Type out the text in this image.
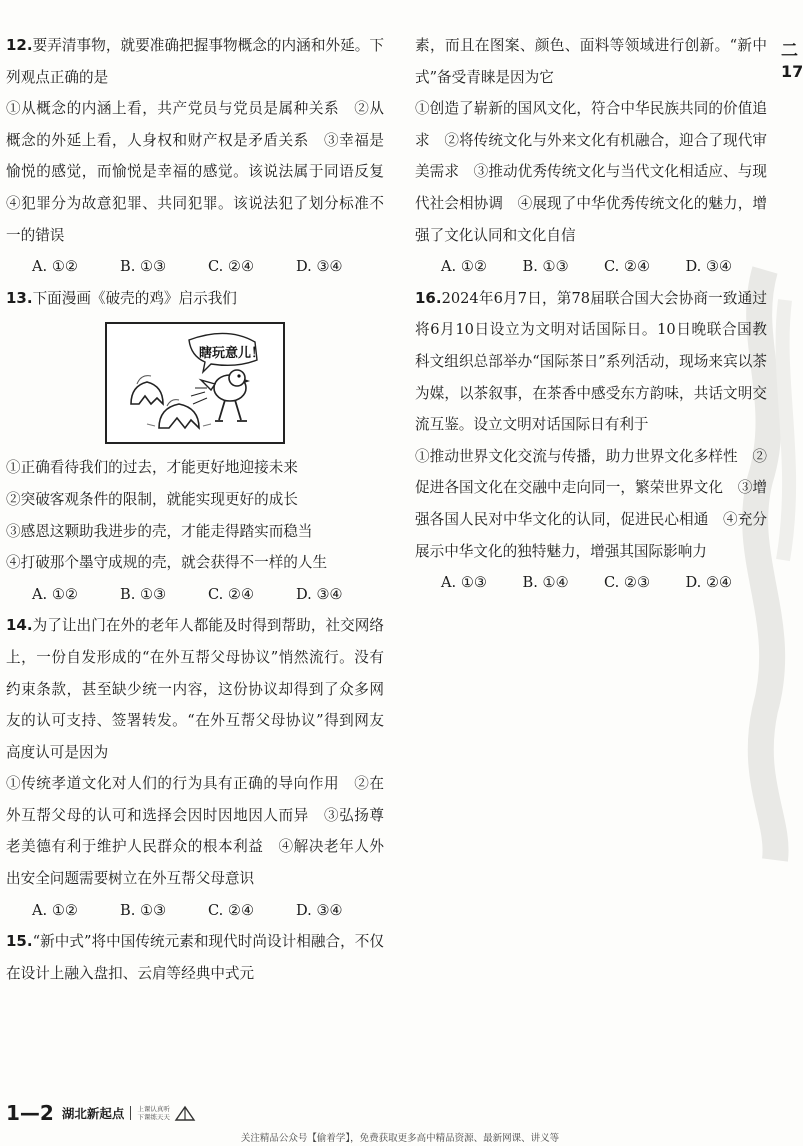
二
17

12.要弄清事物，就要准确把握事物概念的内涵和外延。下列观点正确的是

①从概念的内涵上看，共产党员与党员是属种关系　②从概念的外延上看，人身权和财产权是矛盾关系　③幸福是愉悦的感觉，而愉悦是幸福的感觉。该说法属于同语反复　④犯罪分为故意犯罪、共同犯罪。该说法犯了划分标准不一的错误

A. ①②	B. ①③	C. ②④	D. ③④

13.下面漫画《破壳的鸡》启示我们

瞎玩意儿！

①正确看待我们的过去，才能更好地迎接未来

②突破客观条件的限制，就能实现更好的成长

③感恩这颗助我进步的壳，才能走得踏实而稳当

④打破那个墨守成规的壳，就会获得不一样的人生

A. ①②	B. ①③	C. ②④	D. ③④

14.为了让出门在外的老年人都能及时得到帮助，社交网络上，一份自发形成的“在外互帮父母协议”悄然流行。没有约束条款，甚至缺少统一内容，这份协议却得到了众多网友的认可支持、签署转发。“在外互帮父母协议”得到网友高度认可是因为

①传统孝道文化对人们的行为具有正确的导向作用　②在外互帮父母的认可和选择会因时因地因人而异　③弘扬尊老美德有利于维护人民群众的根本利益　④解决老年人外出安全问题需要树立在外互帮父母意识

A. ①②	B. ①③	C. ②④	D. ③④

15.“新中式”将中国传统元素和现代时尚设计相融合，不仅在设计上融入盘扣、云肩等经典中式元

素，而且在图案、颜色、面料等领域进行创新。“新中式”备受青睐是因为它

①创造了崭新的国风文化，符合中华民族共同的价值追求　②将传统文化与外来文化有机融合，迎合了现代审美需求　③推动优秀传统文化与当代文化相适应、与现代社会相协调　④展现了中华优秀传统文化的魅力，增强了文化认同和文化自信

A. ①②	B. ①③	C. ②④	D. ③④

16.2024年6月7日，第78届联合国大会协商一致通过将6月10日设立为文明对话国际日。10日晚联合国教科文组织总部举办“国际茶日”系列活动，现场来宾以茶为媒，以茶叙事，在茶香中感受东方韵味，共话文明交流互鉴。设立文明对话国际日有利于

①推动世界文化交流与传播，助力世界文化多样性　②促进各国文化在交融中走向同一，繁荣世界文化　③增强各国人民对中华文化的认同，促进民心相通　④充分展示中华文化的独特魅力，增强其国际影响力

A. ①③	B. ①④	C. ②③	D. ②④
1—2 湖北新起点 上课认真听
下课练天天
关注精品公众号【偷着学】，免费获取更多高中精品资源、最新网课、讲义等
